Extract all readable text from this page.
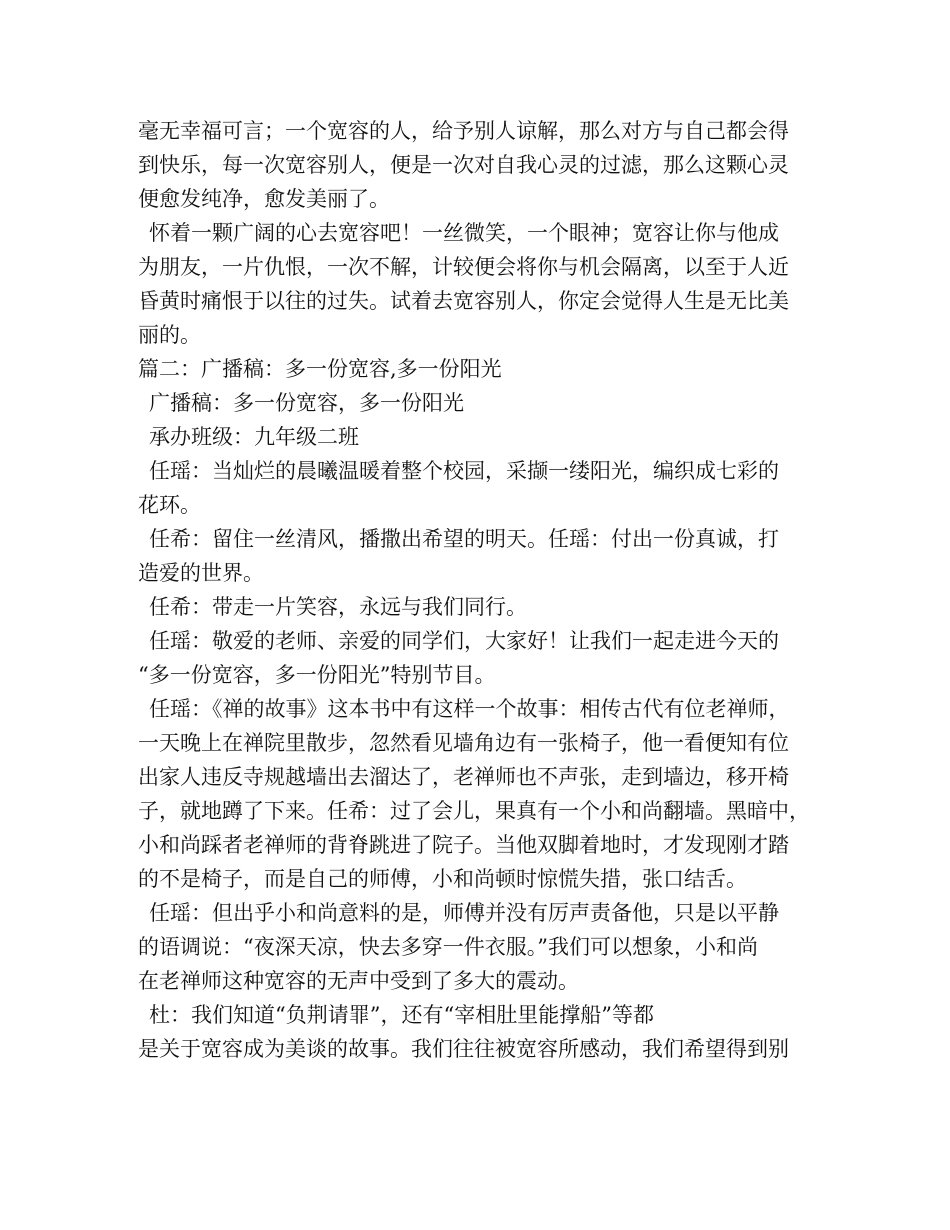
毫无幸福可言；一个宽容的人，给予别人谅解，那么对方与自己都会得
到快乐，每一次宽容别人，便是一次对自我心灵的过滤，那么这颗心灵
便愈发纯净，愈发美丽了。
怀着一颗广阔的心去宽容吧！一丝微笑，一个眼神；宽容让你与他成
为朋友，一片仇恨，一次不解，计较便会将你与机会隔离，以至于人近
昏黄时痛恨于以往的过失。试着去宽容别人，你定会觉得人生是无比美
丽的。
篇二：广播稿：多一份宽容,多一份阳光
广播稿：多一份宽容，多一份阳光
承办班级：九年级二班
任瑶：当灿烂的晨曦温暖着整个校园，采撷一缕阳光，编织成七彩的
花环。
任希：留住一丝清风，播撒出希望的明天。任瑶：付出一份真诚，打
造爱的世界。
任希：带走一片笑容，永远与我们同行。
任瑶：敬爱的老师、亲爱的同学们，大家好！让我们一起走进今天的
“多一份宽容，多一份阳光”特别节目。
任瑶：《禅的故事》这本书中有这样一个故事：相传古代有位老禅师，
一天晚上在禅院里散步，忽然看见墙角边有一张椅子，他一看便知有位
出家人违反寺规越墙出去溜达了，老禅师也不声张，走到墙边，移开椅
子，就地蹲了下来。任希：过了会儿，果真有一个小和尚翻墙。黑暗中，
小和尚踩者老禅师的背脊跳进了院子。当他双脚着地时，才发现刚才踏
的不是椅子，而是自己的师傅，小和尚顿时惊慌失措，张口结舌。
任瑶：但出乎小和尚意料的是，师傅并没有厉声责备他，只是以平静
的语调说：“夜深天凉，快去多穿一件衣服。”我们可以想象，小和尚
在老禅师这种宽容的无声中受到了多大的震动。
杜：我们知道“负荆请罪”，还有“宰相肚里能撑船”等都
是关于宽容成为美谈的故事。我们往往被宽容所感动，我们希望得到别
